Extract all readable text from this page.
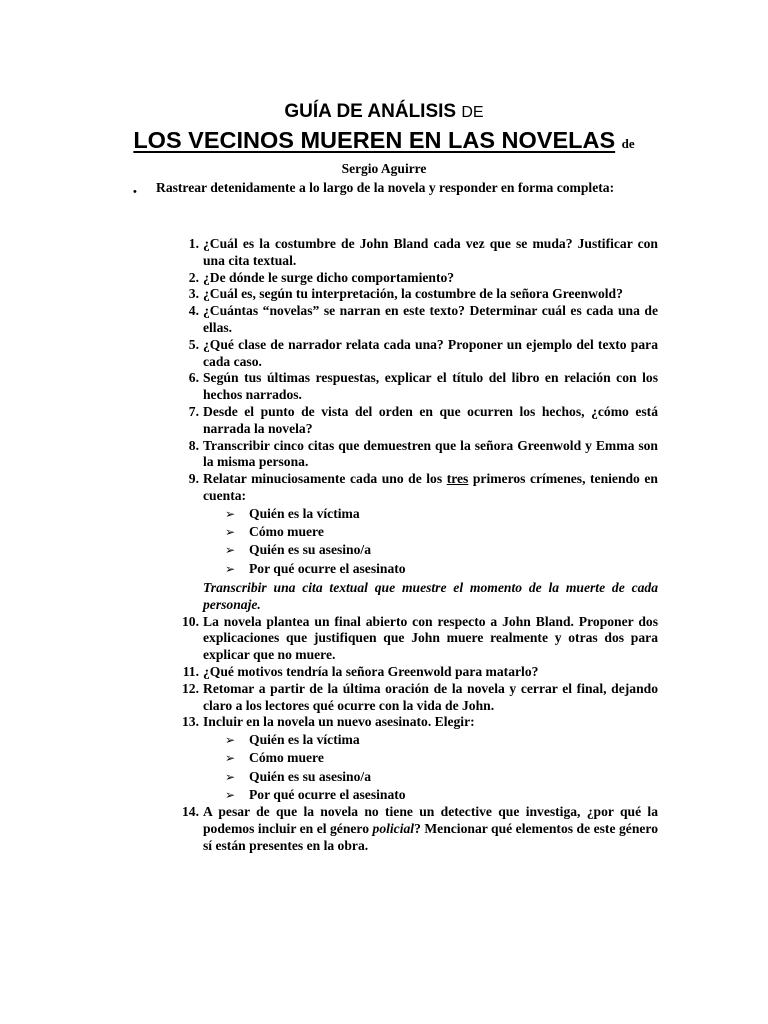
GUÍA DE ANÁLISIS DE
LOS VECINOS MUEREN EN LAS NOVELAS de
Sergio Aguirre
• Rastrear detenidamente a lo largo de la novela y responder en forma completa:
1. ¿Cuál es la costumbre de John Bland cada vez que se muda? Justificar con una cita textual.
2. ¿De dónde le surge dicho comportamiento?
3. ¿Cuál es, según tu interpretación, la costumbre de la señora Greenwold?
4. ¿Cuántas “novelas” se narran en este texto? Determinar cuál es cada una de ellas.
5. ¿Qué clase de narrador relata cada una? Proponer un ejemplo del texto para cada caso.
6. Según tus últimas respuestas, explicar el título del libro en relación con los hechos narrados.
7. Desde el punto de vista del orden en que ocurren los hechos, ¿cómo está narrada la novela?
8. Transcribir cinco citas que demuestren que la señora Greenwold y Emma son la misma persona.
9. Relatar minuciosamente cada uno de los tres primeros crímenes, teniendo en cuenta:
➢ Quién es la víctima
➢ Cómo muere
➢ Quién es su asesino/a
➢ Por qué ocurre el asesinato
Transcribir una cita textual que muestre el momento de la muerte de cada personaje.
10. La novela plantea un final abierto con respecto a John Bland. Proponer dos explicaciones que justifiquen que John muere realmente y otras dos para explicar que no muere.
11. ¿Qué motivos tendría la señora Greenwold para matarlo?
12. Retomar a partir de la última oración de la novela y cerrar el final, dejando claro a los lectores qué ocurre con la vida de John.
13. Incluir en la novela un nuevo asesinato. Elegir:
➢ Quién es la víctima
➢ Cómo muere
➢ Quién es su asesino/a
➢ Por qué ocurre el asesinato
14. A pesar de que la novela no tiene un detective que investiga, ¿por qué la podemos incluir en el género policial? Mencionar qué elementos de este género sí están presentes en la obra.
